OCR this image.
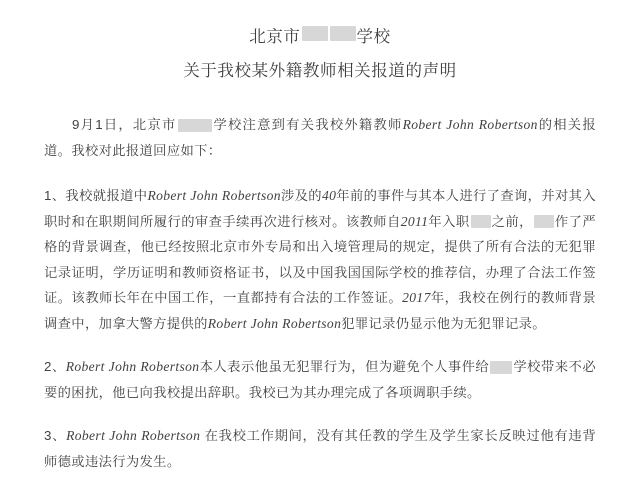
北京市	学校
关于我校某外籍教师相关报道的声明

9月1日，北京市	学校注意到有关我校外籍教师Robert John Robertson的相关报道。我校对此报道回应如下：

1、我校就报道中Robert John Robertson涉及的40年前的事件与其本人进行了查询，并对其入职时和在职期间所履行的审查手续再次进行核对。该教师自2011年入职 之前， 作了严格的背景调查，他已经按照北京市外专局和出入境管理局的规定，提供了所有合法的无犯罪记录证明，学历证明和教师资格证书，以及中国我国国际学校的推荐信，办理了合法工作签证。该教师长年在中国工作，一直都持有合法的工作签证。2017年，我校在例行的教师背景调查中，加拿大警方提供的Robert John Robertson犯罪记录仍显示他为无犯罪记录。

2、Robert John Robertson本人表示他虽无犯罪行为，但为避免个人事件给 学校带来不必要的困扰，他已向我校提出辞职。我校已为其办理完成了各项调职手续。

3、Robert John Robertson 在我校工作期间，没有其任教的学生及学生家长反映过他有违背师德或违法行为发生。
